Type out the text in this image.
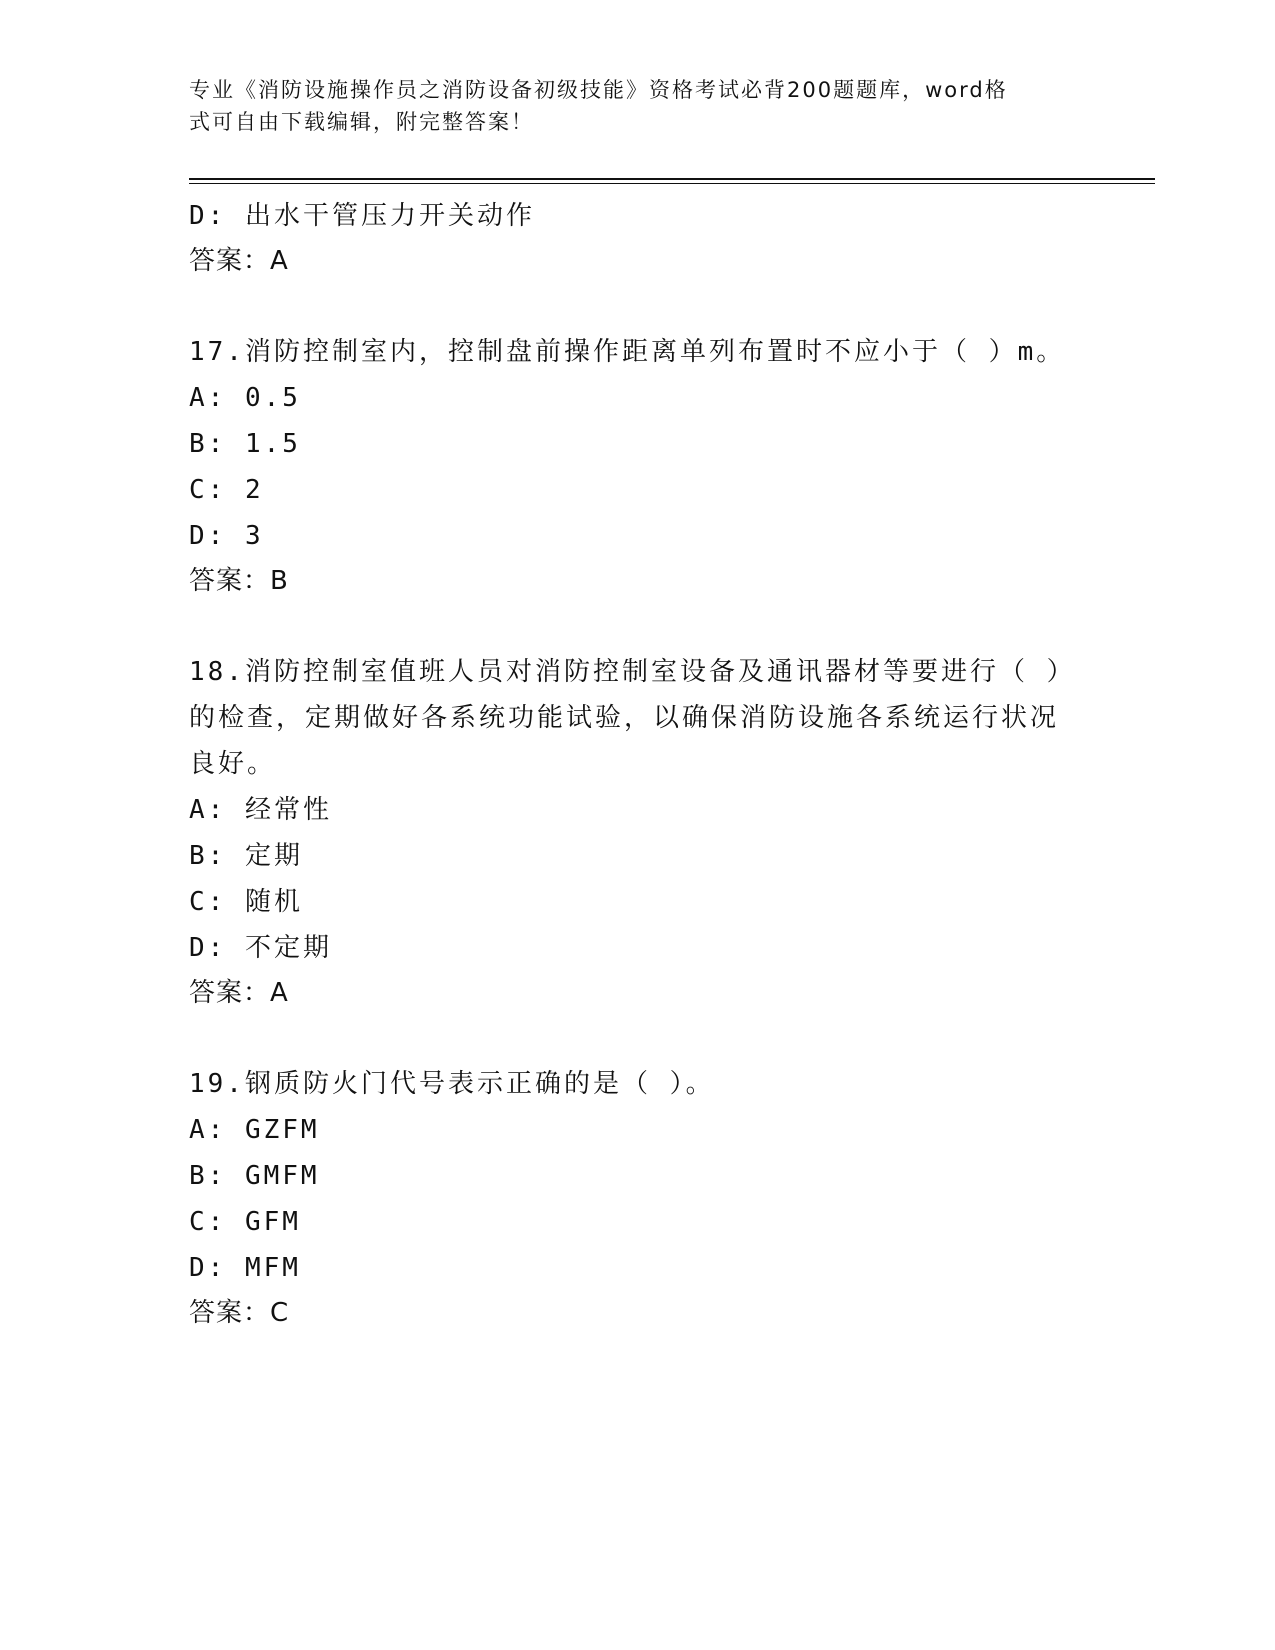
专业《消防设施操作员之消防设备初级技能》资格考试必背200题题库，word格
式可自由下载编辑，附完整答案！
D: 出水干管压力开关动作
答案：A
17.消防控制室内，控制盘前操作距离单列布置时不应小于（ ）m。
A: 0.5
B: 1.5
C: 2
D: 3
答案：B
18.消防控制室值班人员对消防控制室设备及通讯器材等要进行（ ）
的检查，定期做好各系统功能试验，以确保消防设施各系统运行状况
良好。
A: 经常性
B: 定期
C: 随机
D: 不定期
答案：A
19.钢质防火门代号表示正确的是（ ）。
A: GZFM
B: GMFM
C: GFM
D: MFM
答案：C
